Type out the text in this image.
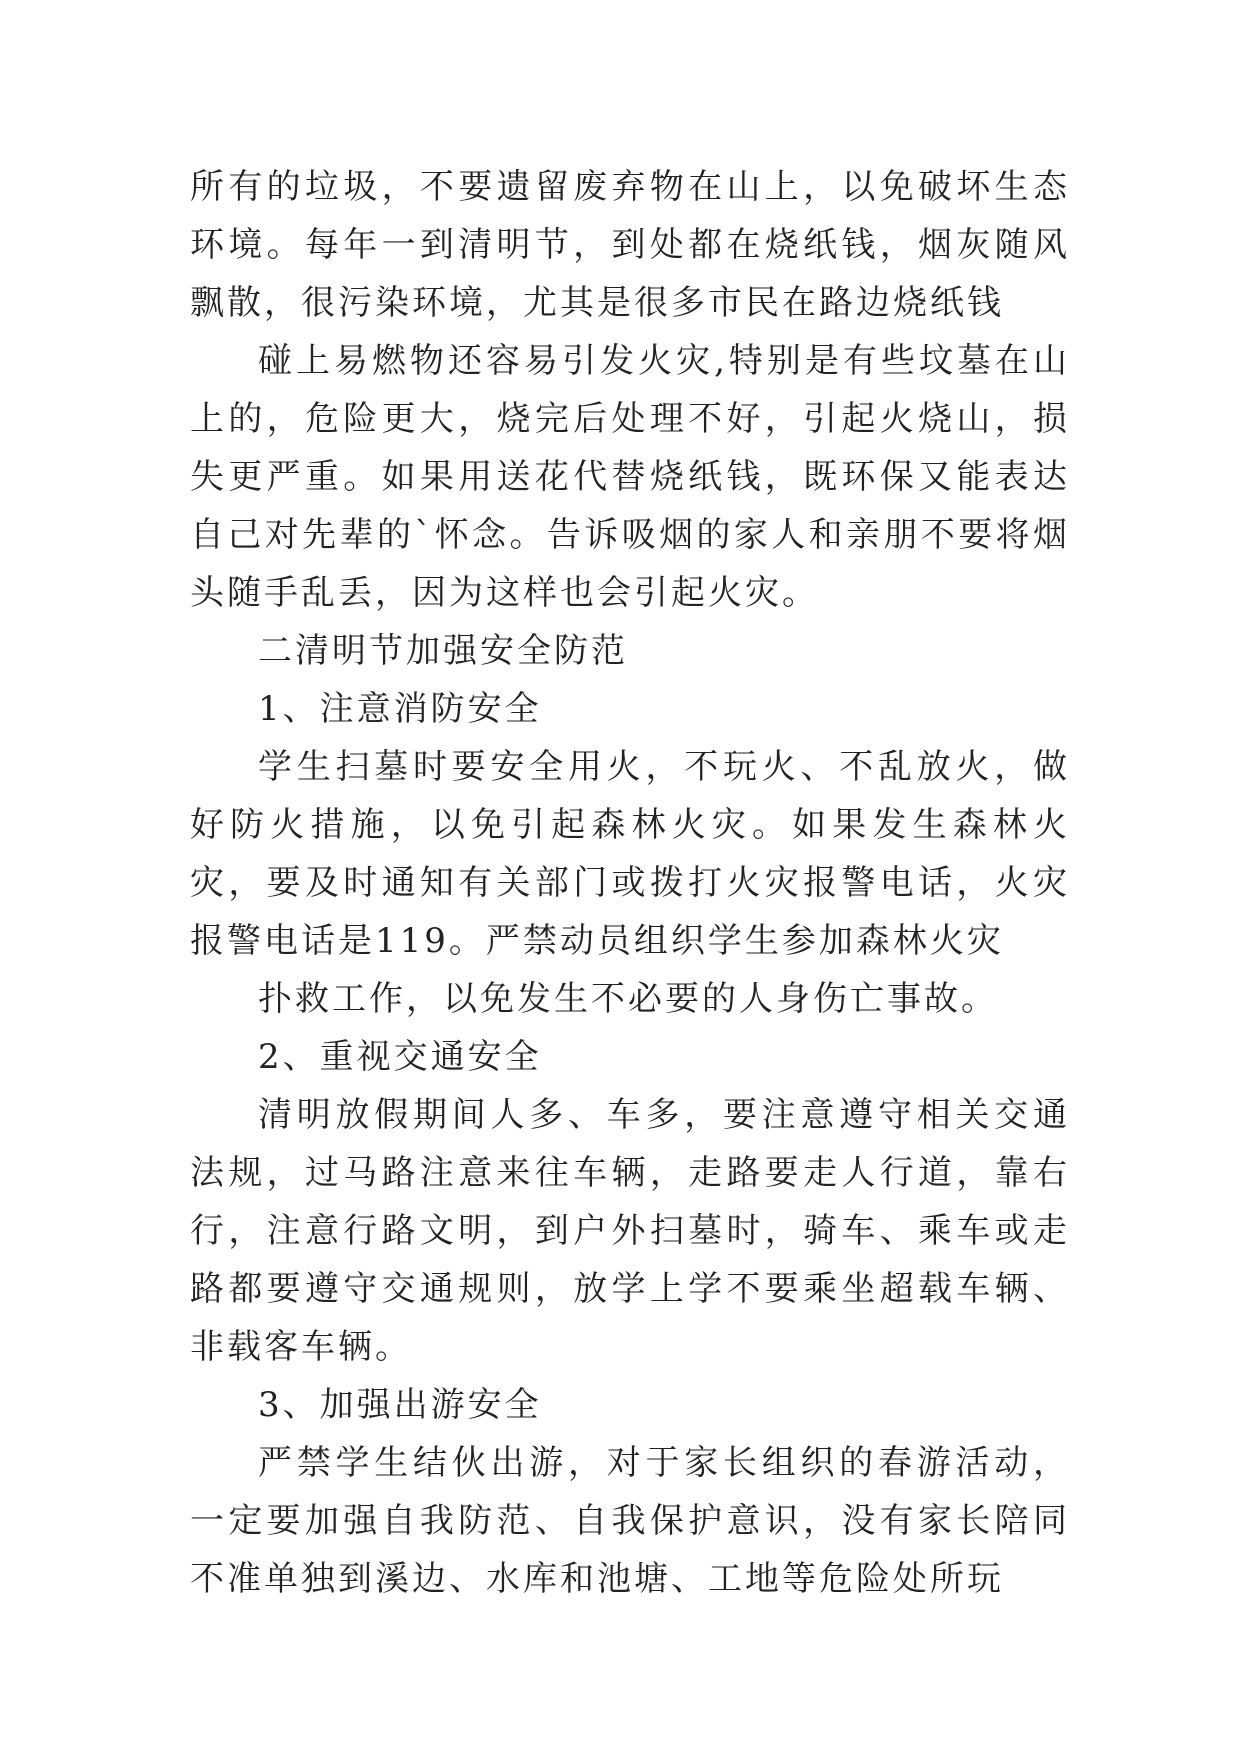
所有的垃圾，不要遗留废弃物在山上，以免破坏生态环境。每年一到清明节，到处都在烧纸钱，烟灰随风飘散，很污染环境，尤其是很多市民在路边烧纸钱

碰上易燃物还容易引发火灾,特别是有些坟墓在山上的，危险更大，烧完后处理不好，引起火烧山，损失更严重。如果用送花代替烧纸钱，既环保又能表达自己对先辈的`怀念。告诉吸烟的家人和亲朋不要将烟头随手乱丢，因为这样也会引起火灾。

二清明节加强安全防范

1、注意消防安全

学生扫墓时要安全用火，不玩火、不乱放火，做好防火措施，以免引起森林火灾。如果发生森林火灾，要及时通知有关部门或拨打火灾报警电话，火灾报警电话是119。严禁动员组织学生参加森林火灾

扑救工作，以免发生不必要的人身伤亡事故。

2、重视交通安全

清明放假期间人多、车多，要注意遵守相关交通法规，过马路注意来往车辆，走路要走人行道，靠右行，注意行路文明，到户外扫墓时，骑车、乘车或走路都要遵守交通规则，放学上学不要乘坐超载车辆、非载客车辆。

3、加强出游安全

严禁学生结伙出游，对于家长组织的春游活动，一定要加强自我防范、自我保护意识，没有家长陪同不准单独到溪边、水库和池塘、工地等危险处所玩
